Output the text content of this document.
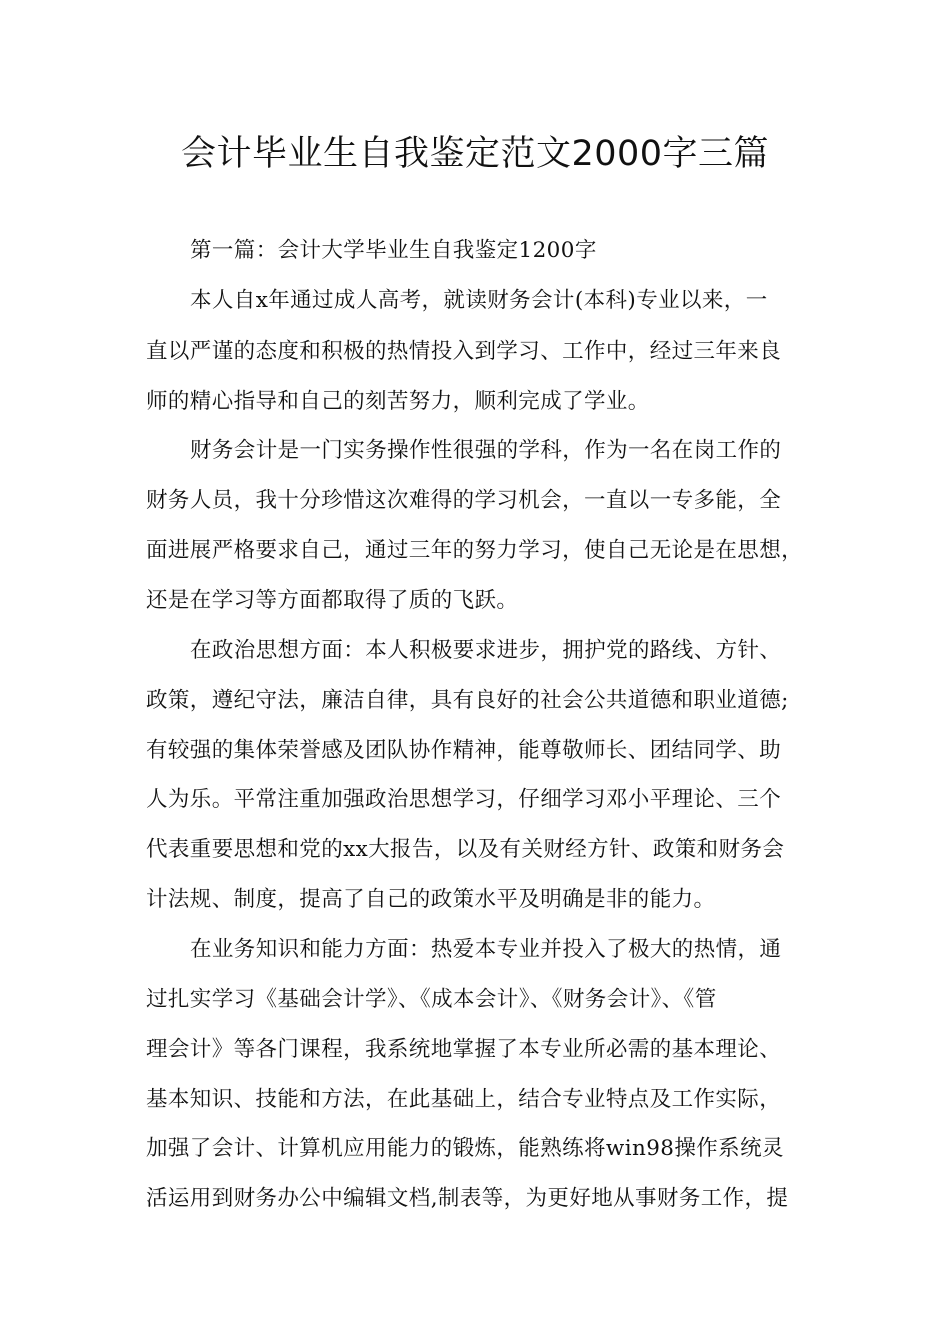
会计毕业生自我鉴定范文2000字三篇
第一篇：会计大学毕业生自我鉴定1200字
本人自x年通过成人高考，就读财务会计(本科)专业以来，一
直以严谨的态度和积极的热情投入到学习、工作中，经过三年来良
师的精心指导和自己的刻苦努力，顺利完成了学业。
财务会计是一门实务操作性很强的学科，作为一名在岗工作的
财务人员，我十分珍惜这次难得的学习机会，一直以一专多能，全
面进展严格要求自己，通过三年的努力学习，使自己无论是在思想，
还是在学习等方面都取得了质的飞跃。
在政治思想方面：本人积极要求进步，拥护党的路线、方针、
政策，遵纪守法，廉洁自律，具有良好的社会公共道德和职业道德;
有较强的集体荣誉感及团队协作精神，能尊敬师长、团结同学、助
人为乐。平常注重加强政治思想学习，仔细学习邓小平理论、三个
代表重要思想和党的xx大报告，以及有关财经方针、政策和财务会
计法规、制度，提高了自己的政策水平及明确是非的能力。
在业务知识和能力方面：热爱本专业并投入了极大的热情，通
过扎实学习《基础会计学》、《成本会计》、《财务会计》、《管
理会计》等各门课程，我系统地掌握了本专业所必需的基本理论、
基本知识、技能和方法，在此基础上，结合专业特点及工作实际，
加强了会计、计算机应用能力的锻炼，能熟练将win98操作系统灵
活运用到财务办公中编辑文档,制表等，为更好地从事财务工作，提
